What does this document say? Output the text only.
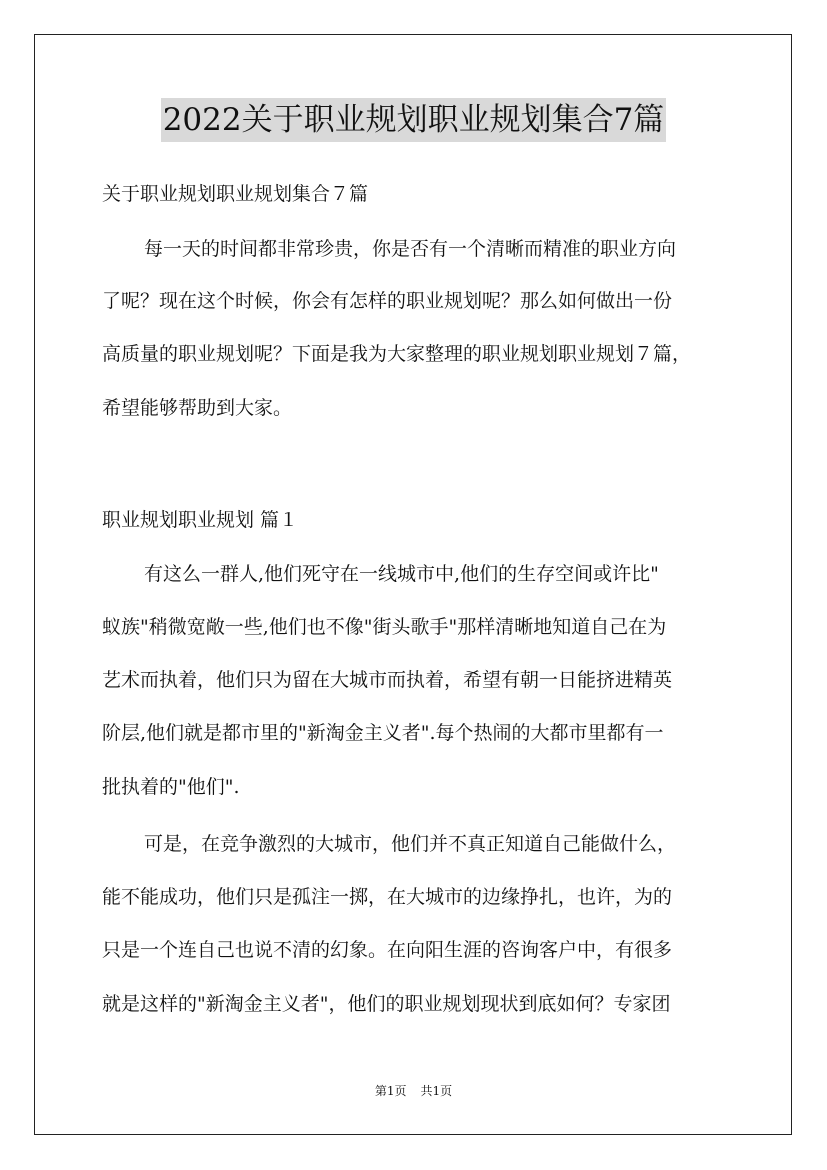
2022关于职业规划职业规划集合7篇
关于职业规划职业规划集合７篇
每一天的时间都非常珍贵，你是否有一个清晰而精准的职业方向
了呢？现在这个时候，你会有怎样的职业规划呢？那么如何做出一份
高质量的职业规划呢？下面是我为大家整理的职业规划职业规划７篇，
希望能够帮助到大家。
职业规划职业规划 篇１
有这么一群人,他们死守在一线城市中,他们的生存空间或许比"
蚁族"稍微宽敞一些,他们也不像"街头歌手"那样清晰地知道自己在为
艺术而执着，他们只为留在大城市而执着，希望有朝一日能挤进精英
阶层,他们就是都市里的"新淘金主义者".每个热闹的大都市里都有一
批执着的"他们".
可是，在竞争激烈的大城市，他们并不真正知道自己能做什么，
能不能成功，他们只是孤注一掷，在大城市的边缘挣扎，也许，为的
只是一个连自己也说不清的幻象。在向阳生涯的咨询客户中，有很多
就是这样的"新淘金主义者"，他们的职业规划现状到底如何？专家团
第1页 共1页
